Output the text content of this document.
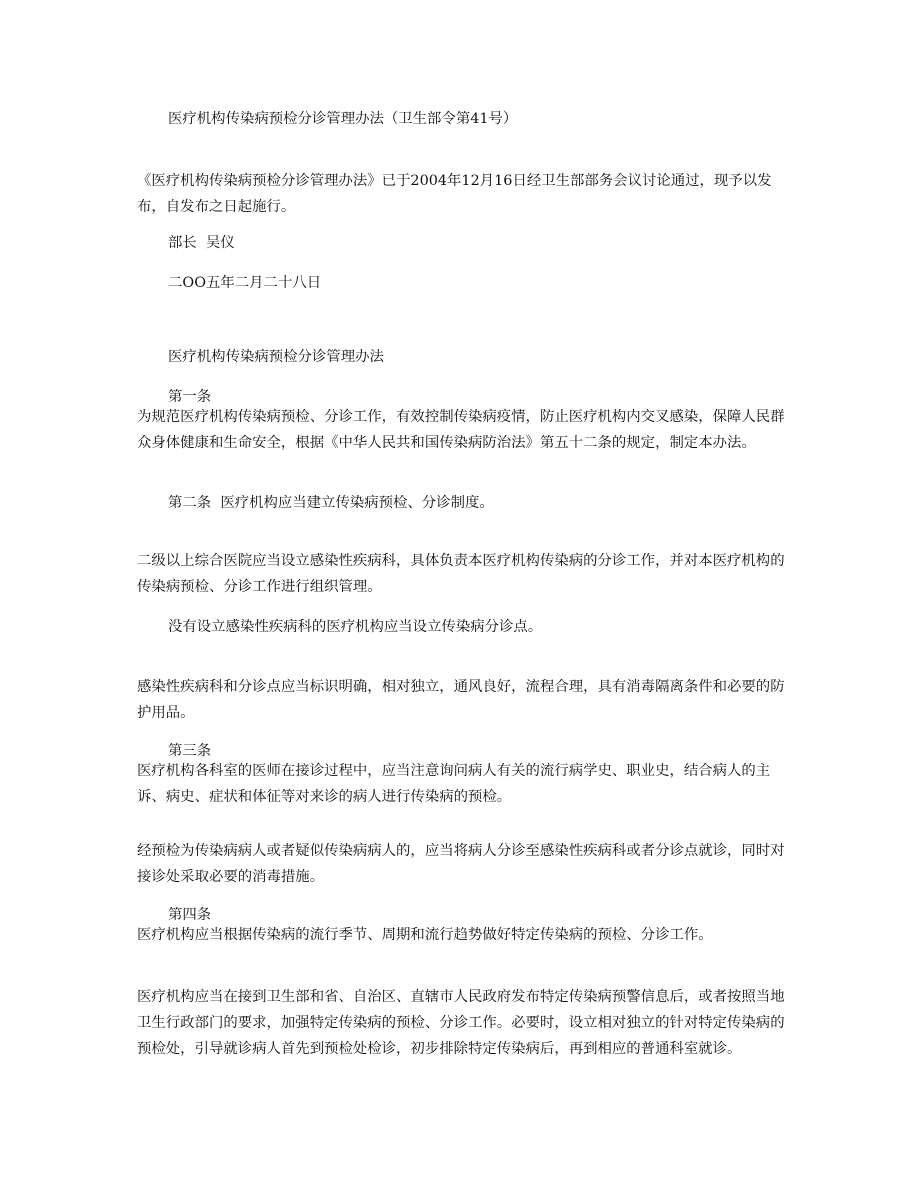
医疗机构传染病预检分诊管理办法（卫生部令第41号）

《医疗机构传染病预检分诊管理办法》已于2004年12月16日经卫生部部务会议讨论通过，现予以发布，自发布之日起施行。

部长  吴仪

二OO五年二月二十八日

医疗机构传染病预检分诊管理办法

第一条

为规范医疗机构传染病预检、分诊工作，有效控制传染病疫情，防止医疗机构内交叉感染，保障人民群众身体健康和生命安全，根据《中华人民共和国传染病防治法》第五十二条的规定，制定本办法。

第二条  医疗机构应当建立传染病预检、分诊制度。

二级以上综合医院应当设立感染性疾病科，具体负责本医疗机构传染病的分诊工作，并对本医疗机构的传染病预检、分诊工作进行组织管理。

没有设立感染性疾病科的医疗机构应当设立传染病分诊点。

感染性疾病科和分诊点应当标识明确，相对独立，通风良好，流程合理，具有消毒隔离条件和必要的防护用品。

第三条

医疗机构各科室的医师在接诊过程中，应当注意询问病人有关的流行病学史、职业史，结合病人的主诉、病史、症状和体征等对来诊的病人进行传染病的预检。

经预检为传染病病人或者疑似传染病病人的，应当将病人分诊至感染性疾病科或者分诊点就诊，同时对接诊处采取必要的消毒措施。

第四条

医疗机构应当根据传染病的流行季节、周期和流行趋势做好特定传染病的预检、分诊工作。

医疗机构应当在接到卫生部和省、自治区、直辖市人民政府发布特定传染病预警信息后，或者按照当地卫生行政部门的要求，加强特定传染病的预检、分诊工作。必要时，设立相对独立的针对特定传染病的预检处，引导就诊病人首先到预检处检诊，初步排除特定传染病后，再到相应的普通科室就诊。
